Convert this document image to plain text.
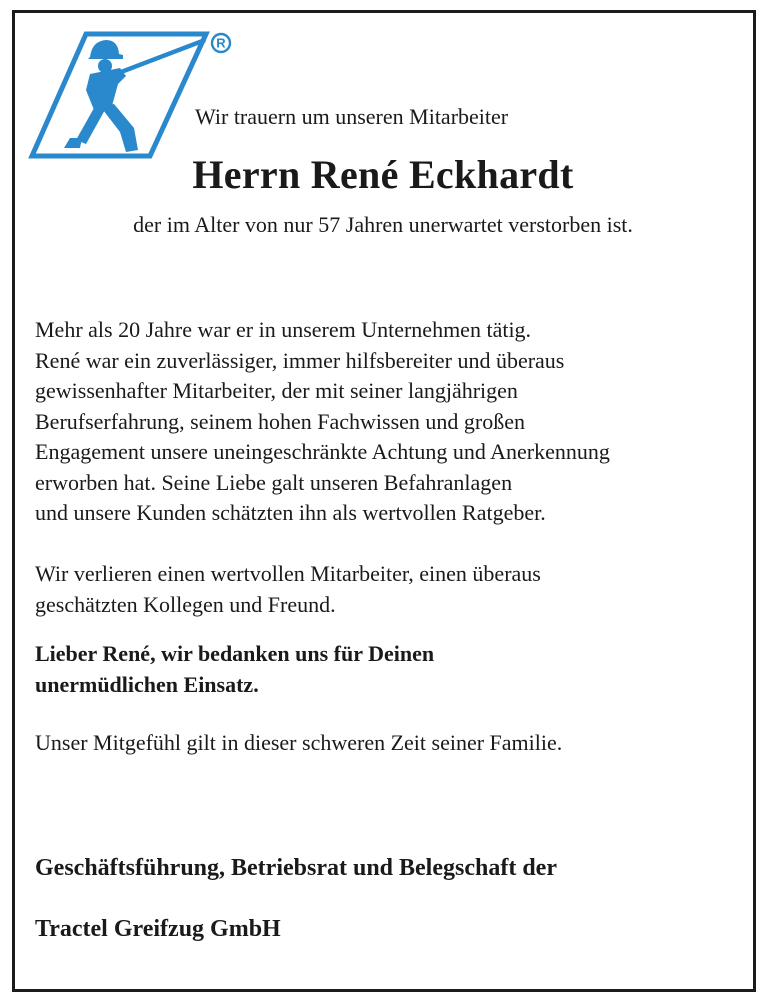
R
Wir trauern um unseren Mitarbeiter
Herrn René Eckhardt
der im Alter von nur 57 Jahren unerwartet verstorben ist.
Mehr als 20 Jahre war er in unserem Unternehmen tätig.
René war ein zuverlässiger, immer hilfsbereiter und überaus
gewissenhafter Mitarbeiter, der mit seiner langjährigen
Berufserfahrung, seinem hohen Fachwissen und großen
Engagement unsere uneingeschränkte Achtung und Anerkennung
erworben hat. Seine Liebe galt unseren Befahranlagen
und unsere Kunden schätzten ihn als wertvollen Ratgeber.
Wir verlieren einen wertvollen Mitarbeiter, einen überaus
geschätzten Kollegen und Freund.
Lieber René, wir bedanken uns für Deinen
unermüdlichen Einsatz.
Unser Mitgefühl gilt in dieser schweren Zeit seiner Familie.
Geschäftsführung, Betriebsrat und Belegschaft der
Tractel Greifzug GmbH
